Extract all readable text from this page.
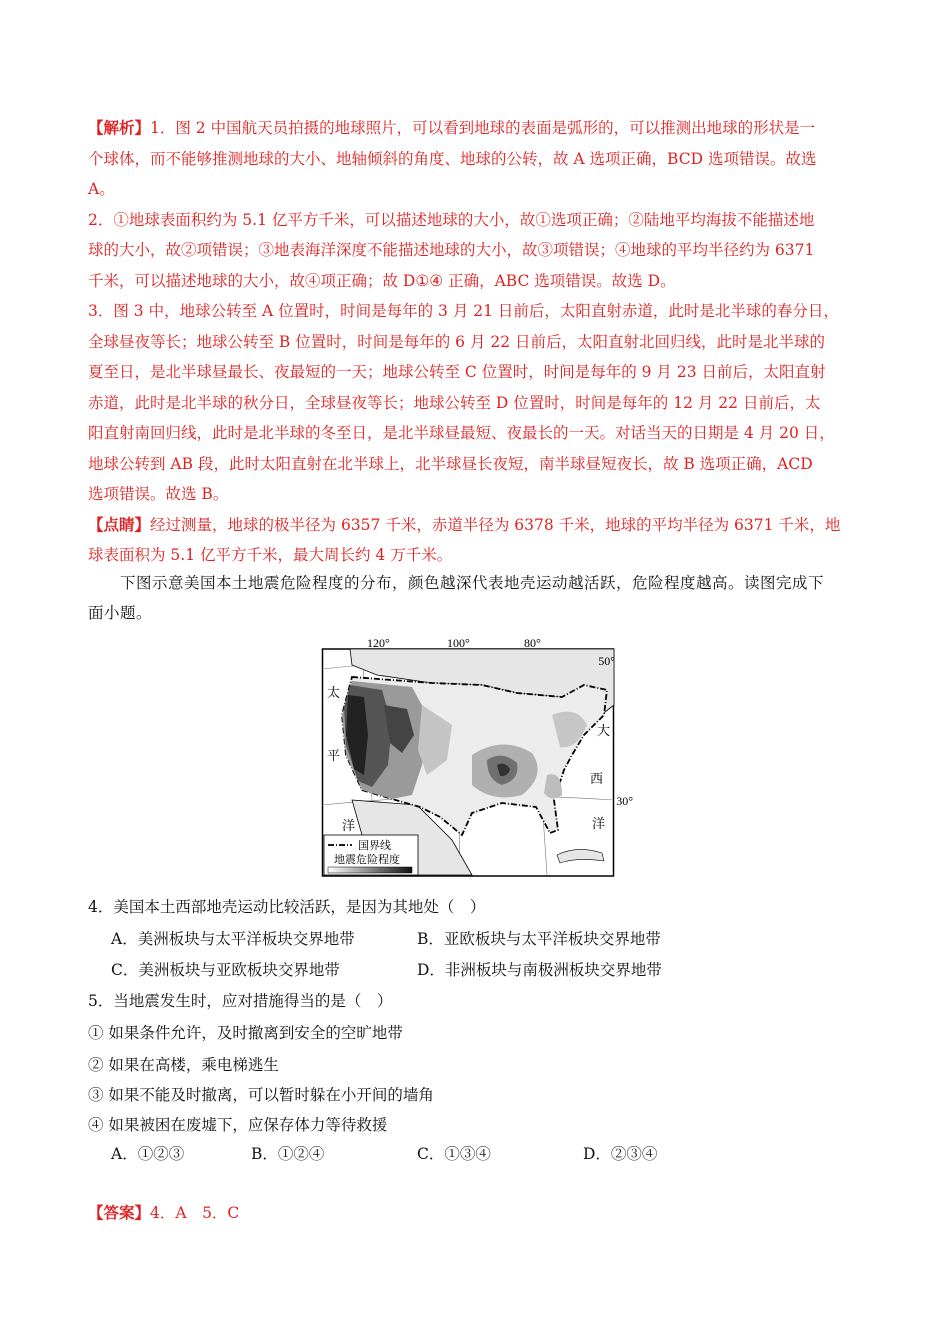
【解析】1．图 2 中国航天员拍摄的地球照片，可以看到地球的表面是弧形的，可以推测出地球的形状是一
个球体，而不能够推测地球的大小、地轴倾斜的角度、地球的公转，故 A 选项正确，BCD 选项错误。故选
A。
2．①地球表面积约为 5.1 亿平方千米，可以描述地球的大小，故①选项正确；②陆地平均海拔不能描述地
球的大小，故②项错误；③地表海洋深度不能描述地球的大小，故③项错误；④地球的平均半径约为 6371
千米，可以描述地球的大小，故④项正确；故 D①④ 正确，ABC 选项错误。故选 D。
3．图 3 中，地球公转至 A 位置时，时间是每年的 3 月 21 日前后，太阳直射赤道，此时是北半球的春分日，
全球昼夜等长；地球公转至 B 位置时，时间是每年的 6 月 22 日前后，太阳直射北回归线，此时是北半球的
夏至日，是北半球昼最长、夜最短的一天；地球公转至 C 位置时，时间是每年的 9 月 23 日前后，太阳直射
赤道，此时是北半球的秋分日，全球昼夜等长；地球公转至 D 位置时，时间是每年的 12 月 22 日前后，太
阳直射南回归线，此时是北半球的冬至日，是北半球昼最短、夜最长的一天。对话当天的日期是 4 月 20 日，
地球公转到 AB 段，此时太阳直射在北半球上，北半球昼长夜短，南半球昼短夜长，故 B 选项正确，ACD
选项错误。故选 B。
【点睛】经过测量，地球的极半径为 6357 千米，赤道半径为 6378 千米，地球的平均半径为 6371 千米，地
球表面积为 5.1 亿平方千米，最大周长约 4 万千米。
下图示意美国本土地震危险程度的分布，颜色越深代表地壳运动越活跃，危险程度越高。读图完成下
面小题。
120°	100°	80°
50°
30°
太
平
洋
大
西
洋
国界线
地震危险程度
4．美国本土西部地壳运动比较活跃，是因为其地处（　）
A．美洲板块与太平洋板块交界地带	B．亚欧板块与太平洋板块交界地带
C．美洲板块与亚欧板块交界地带	D．非洲板块与南极洲板块交界地带
5．当地震发生时，应对措施得当的是（　）
① 如果条件允许，及时撤离到安全的空旷地带
② 如果在高楼，乘电梯逃生
③ 如果不能及时撤离，可以暂时躲在小开间的墙角
④ 如果被困在废墟下，应保存体力等待救援
A．①②③	B．①②④	C．①③④	D．②③④
【答案】4．A　5．C
